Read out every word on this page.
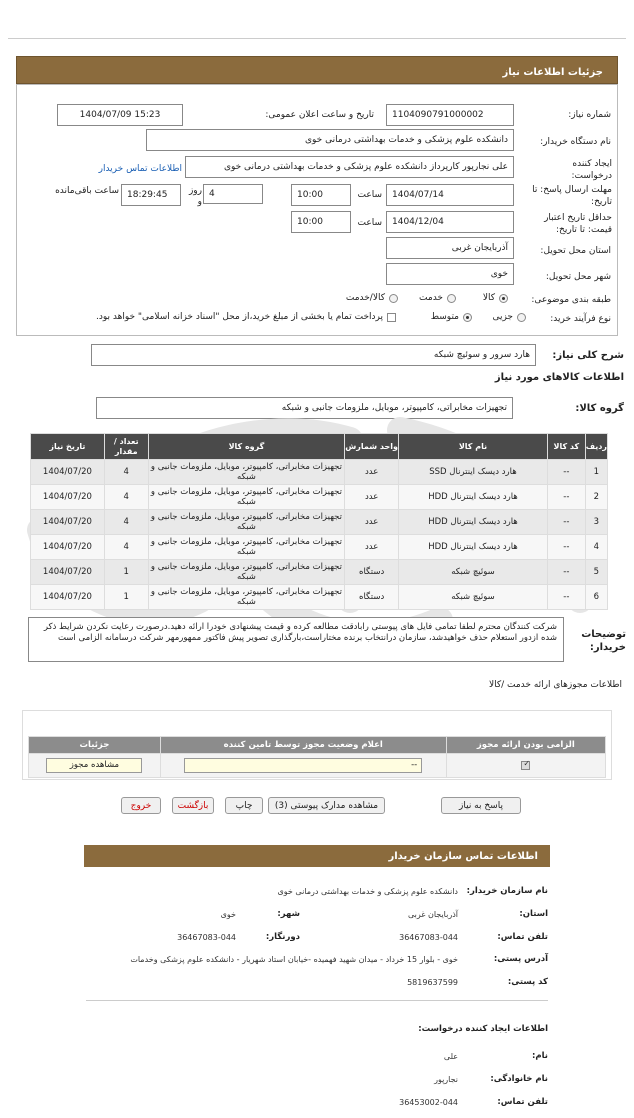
جزئیات اطلاعات نیاز
شماره نیاز:
1104090791000002
تاریخ و ساعت اعلان عمومی:
1404/07/09 15:23
نام دستگاه خریدار:
دانشکده علوم پزشکی و خدمات بهداشتی درمانی خوی
ایجاد کننده درخواست:
علی نجارپور کارپرداز دانشکده علوم پزشکی و خدمات بهداشتی درمانی خوی
اطلاعات تماس خریدار
مهلت ارسال پاسخ: تا تاریخ:
1404/07/14
ساعت
10:00
4
روز و
18:29:45
ساعت باقی‌مانده
حداقل تاریخ اعتبار قیمت: تا تاریخ:
1404/12/04
ساعت
10:00
استان محل تحویل:
آذربایجان غربی
شهر محل تحویل:
خوی
طبقه بندی موضوعی:
کالا
خدمت
کالا/خدمت
نوع فرآیند خرید:
جزیی
متوسط
پرداخت تمام یا بخشی از مبلغ خرید،از محل "اسناد خزانه اسلامی" خواهد بود.
شرح کلی نیاز:
هارد سرور و سوئیچ شبکه
اطلاعات کالاهای مورد نیاز
گروه کالا:
تجهیزات مخابراتی، کامپیوتر، موبایل، ملزومات جانبی و شبکه
ردیف	کد کالا	نام کالا	واحد شمارش	گروه کالا	تعداد / مقدار	تاریخ نیاز
1	--	هارد دیسک اینترنال SSD	عدد	تجهیزات مخابراتی، کامپیوتر، موبایل، ملزومات جانبی و شبکه	4	1404/07/20
2	--	هارد دیسک اینترنال HDD	عدد	تجهیزات مخابراتی، کامپیوتر، موبایل، ملزومات جانبی و شبکه	4	1404/07/20
3	--	هارد دیسک اینترنال HDD	عدد	تجهیزات مخابراتی، کامپیوتر، موبایل، ملزومات جانبی و شبکه	4	1404/07/20
4	--	هارد دیسک اینترنال HDD	عدد	تجهیزات مخابراتی، کامپیوتر، موبایل، ملزومات جانبی و شبکه	4	1404/07/20
5	--	سوئیچ شبکه	دستگاه	تجهیزات مخابراتی، کامپیوتر، موبایل، ملزومات جانبی و شبکه	1	1404/07/20
6	--	سوئیچ شبکه	دستگاه	تجهیزات مخابراتی، کامپیوتر، موبایل، ملزومات جانبی و شبکه	1	1404/07/20
توضیحات خریدار:
شرکت کنندگان محترم لطفا تمامی فایل های پیوستی رابادقت مطالعه کرده و قیمت پیشنهادی خودرا ارائه دهید.درصورت رعایت نکردن شرایط ذکر شده ازدور استعلام حذف خواهیدشد، سازمان درانتخاب برنده مختاراست،بارگذاری تصویر پیش فاکتور ممهورمهر شرکت درسامانه الزامی است
اطلاعات مجوزهای ارائه خدمت /کالا
الزامی بودن ارائه مجوز	اعلام وضعیت مجوز توسط تامین کننده	جزئیات

✓	--	مشاهده مجوز
پاسخ به نیاز
مشاهده مدارک پیوستی (3)
چاپ
بازگشت
خروج
اطلاعات تماس سازمان خریدار
نام سازمان خریدار:
دانشکده علوم پزشکی و خدمات بهداشتی درمانی خوی
استان:
آذربایجان غربی
شهر:
خوی
تلفن تماس:
36467083-044
دورنگار:
36467083-044
آدرس پستی:
خوی - بلوار 15 خرداد - میدان شهید فهمیده -خیابان استاد شهریار - دانشکده علوم پزشکی وخدمات
کد پستی:
5819637599
اطلاعات ایجاد کننده درخواست:
نام:
علی
نام خانوادگی:
نجارپور
تلفن تماس:
36453002-044
